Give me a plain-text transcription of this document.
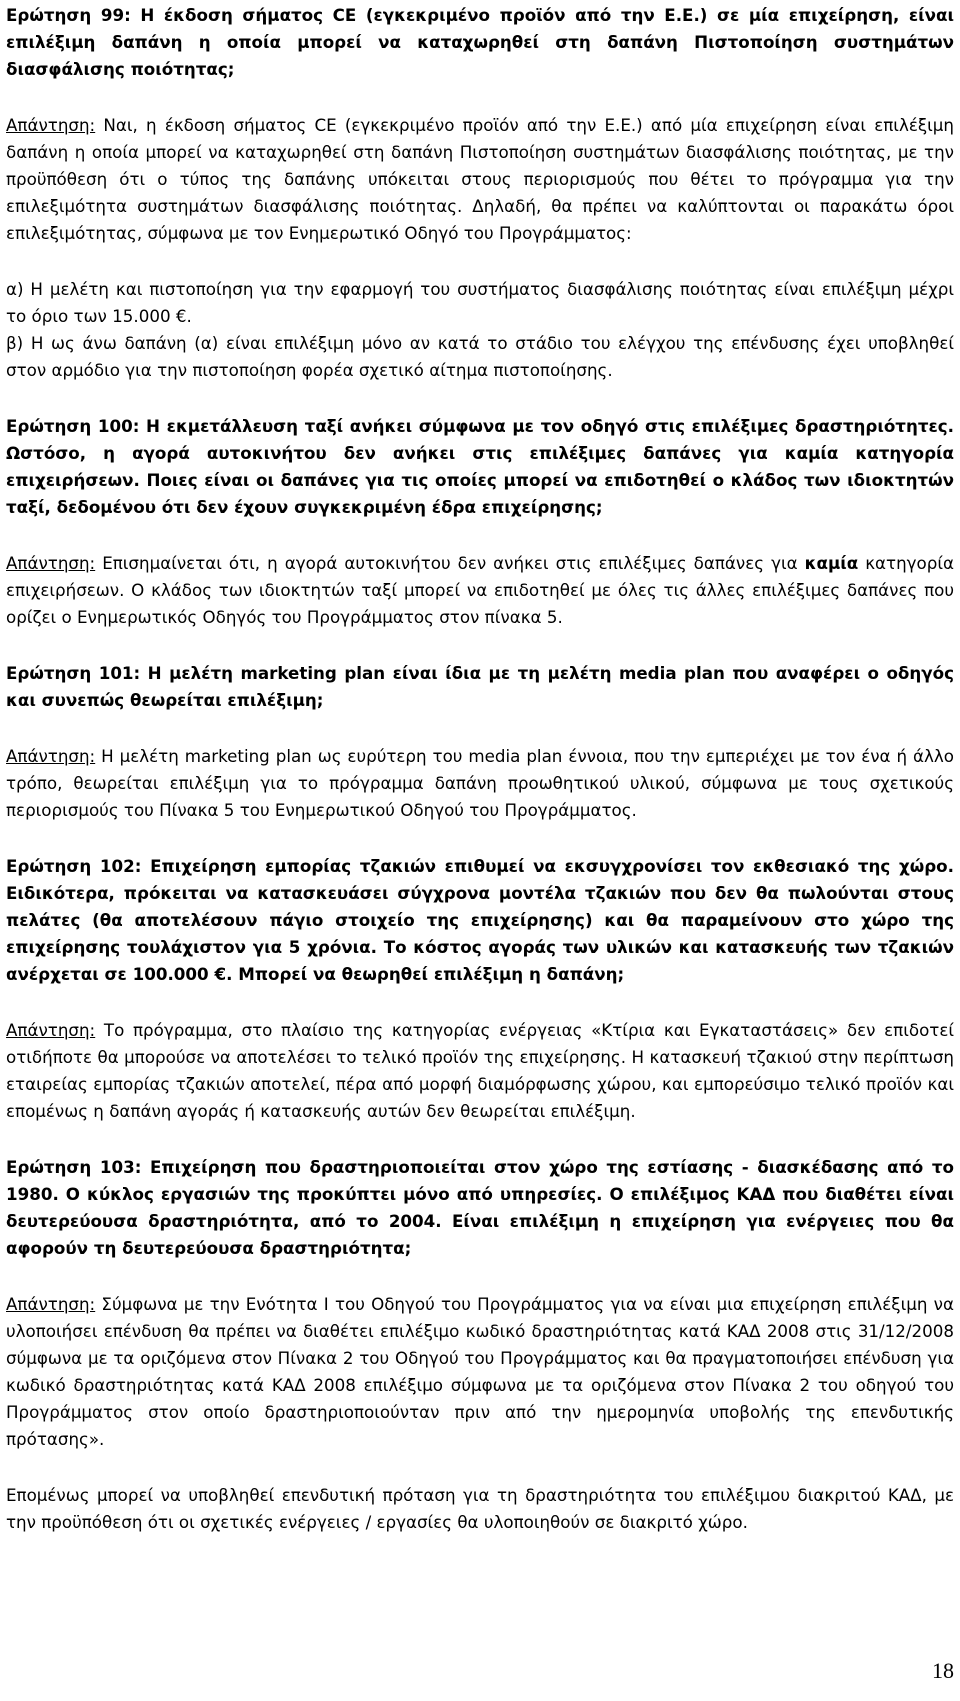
Ερώτηση 99: Η έκδοση σήματος CE (εγκεκριμένο προϊόν από την Ε.Ε.) σε μία επιχείρηση, είναι επιλέξιμη δαπάνη η οποία μπορεί να καταχωρηθεί στη δαπάνη Πιστοποίηση συστημάτων διασφάλισης ποιότητας;

Απάντηση: Ναι, η έκδοση σήματος CE (εγκεκριμένο προϊόν από την Ε.Ε.) από μία επιχείρηση είναι επιλέξιμη δαπάνη η οποία μπορεί να καταχωρηθεί στη δαπάνη Πιστοποίηση συστημάτων διασφάλισης ποιότητας, με την προϋπόθεση ότι ο τύπος της δαπάνης υπόκειται στους περιορισμούς που θέτει το πρόγραμμα για την επιλεξιμότητα συστημάτων διασφάλισης ποιότητας. Δηλαδή, θα πρέπει να καλύπτονται οι παρακάτω όροι επιλεξιμότητας, σύμφωνα με τον Ενημερωτικό Οδηγό του Προγράμματος:

α) Η μελέτη και πιστοποίηση για την εφαρμογή του συστήματος διασφάλισης ποιότητας είναι επιλέξιμη μέχρι το όριο των 15.000 €.

β) Η ως άνω δαπάνη (α) είναι επιλέξιμη μόνο αν κατά το στάδιο του ελέγχου της επένδυσης έχει υποβληθεί στον αρμόδιο για την πιστοποίηση φορέα σχετικό αίτημα πιστοποίησης.

Ερώτηση 100: Η εκμετάλλευση ταξί ανήκει σύμφωνα με τον οδηγό στις επιλέξιμες δραστηριότητες. Ωστόσο, η αγορά αυτοκινήτου δεν ανήκει στις επιλέξιμες δαπάνες για καμία κατηγορία επιχειρήσεων. Ποιες είναι οι δαπάνες για τις οποίες μπορεί να επιδοτηθεί ο κλάδος των ιδιοκτητών ταξί, δεδομένου ότι δεν έχουν συγκεκριμένη έδρα επιχείρησης;

Απάντηση: Επισημαίνεται ότι, η αγορά αυτοκινήτου δεν ανήκει στις επιλέξιμες δαπάνες για καμία κατηγορία επιχειρήσεων. Ο κλάδος των ιδιοκτητών ταξί μπορεί να επιδοτηθεί με όλες τις άλλες επιλέξιμες δαπάνες που ορίζει ο Ενημερωτικός Οδηγός του Προγράμματος στον πίνακα 5.

Ερώτηση 101: Η μελέτη marketing plan είναι ίδια με τη μελέτη media plan που αναφέρει ο οδηγός και συνεπώς θεωρείται επιλέξιμη;

Απάντηση: Η μελέτη marketing plan ως ευρύτερη του media plan έννοια, που την εμπεριέχει με τον ένα ή άλλο τρόπο, θεωρείται επιλέξιμη για το πρόγραμμα δαπάνη προωθητικού υλικού, σύμφωνα με τους σχετικούς περιορισμούς του Πίνακα 5 του Ενημερωτικού Οδηγού του Προγράμματος.

Ερώτηση 102: Επιχείρηση εμπορίας τζακιών επιθυμεί να εκσυγχρονίσει τον εκθεσιακό της χώρο. Ειδικότερα, πρόκειται να κατασκευάσει σύγχρονα μοντέλα τζακιών που δεν θα πωλούνται στους πελάτες (θα αποτελέσουν πάγιο στοιχείο της επιχείρησης) και θα παραμείνουν στο χώρο της επιχείρησης τουλάχιστον για 5 χρόνια. Το κόστος αγοράς των υλικών και κατασκευής των τζακιών ανέρχεται σε 100.000 €. Μπορεί να θεωρηθεί επιλέξιμη η δαπάνη;

Απάντηση: Το πρόγραμμα, στο πλαίσιο της κατηγορίας ενέργειας «Κτίρια και Εγκαταστάσεις» δεν επιδοτεί οτιδήποτε θα μπορούσε να αποτελέσει το τελικό προϊόν της επιχείρησης. Η κατασκευή τζακιού στην περίπτωση εταιρείας εμπορίας τζακιών αποτελεί, πέρα από μορφή διαμόρφωσης χώρου, και εμπορεύσιμο τελικό προϊόν και επομένως η δαπάνη αγοράς ή κατασκευής αυτών δεν θεωρείται επιλέξιμη.

Ερώτηση 103: Επιχείρηση που δραστηριοποιείται στον χώρο της εστίασης - διασκέδασης από το 1980. Ο κύκλος εργασιών της προκύπτει μόνο από υπηρεσίες. Ο επιλέξιμος ΚΑΔ που διαθέτει είναι δευτερεύουσα δραστηριότητα, από το 2004. Είναι επιλέξιμη η επιχείρηση για ενέργειες που θα αφορούν τη δευτερεύουσα δραστηριότητα;

Απάντηση: Σύμφωνα με την Ενότητα Ι του Οδηγού του Προγράμματος για να είναι μια επιχείρηση επιλέξιμη να υλοποιήσει επένδυση θα πρέπει να διαθέτει επιλέξιμο κωδικό δραστηριότητας κατά ΚΑΔ 2008 στις 31/12/2008 σύμφωνα με τα οριζόμενα στον Πίνακα 2 του Οδηγού του Προγράμματος και θα πραγματοποιήσει επένδυση για κωδικό δραστηριότητας κατά ΚΑΔ 2008 επιλέξιμο σύμφωνα με τα οριζόμενα στον Πίνακα 2 του οδηγού του Προγράμματος στον οποίο δραστηριοποιούνταν πριν από την ημερομηνία υποβολής της επενδυτικής πρότασης».

Επομένως μπορεί να υποβληθεί επενδυτική πρόταση για τη δραστηριότητα του επιλέξιμου διακριτού ΚΑΔ, με την προϋπόθεση ότι οι σχετικές ενέργειες / εργασίες θα υλοποιηθούν σε διακριτό χώρο.

18
